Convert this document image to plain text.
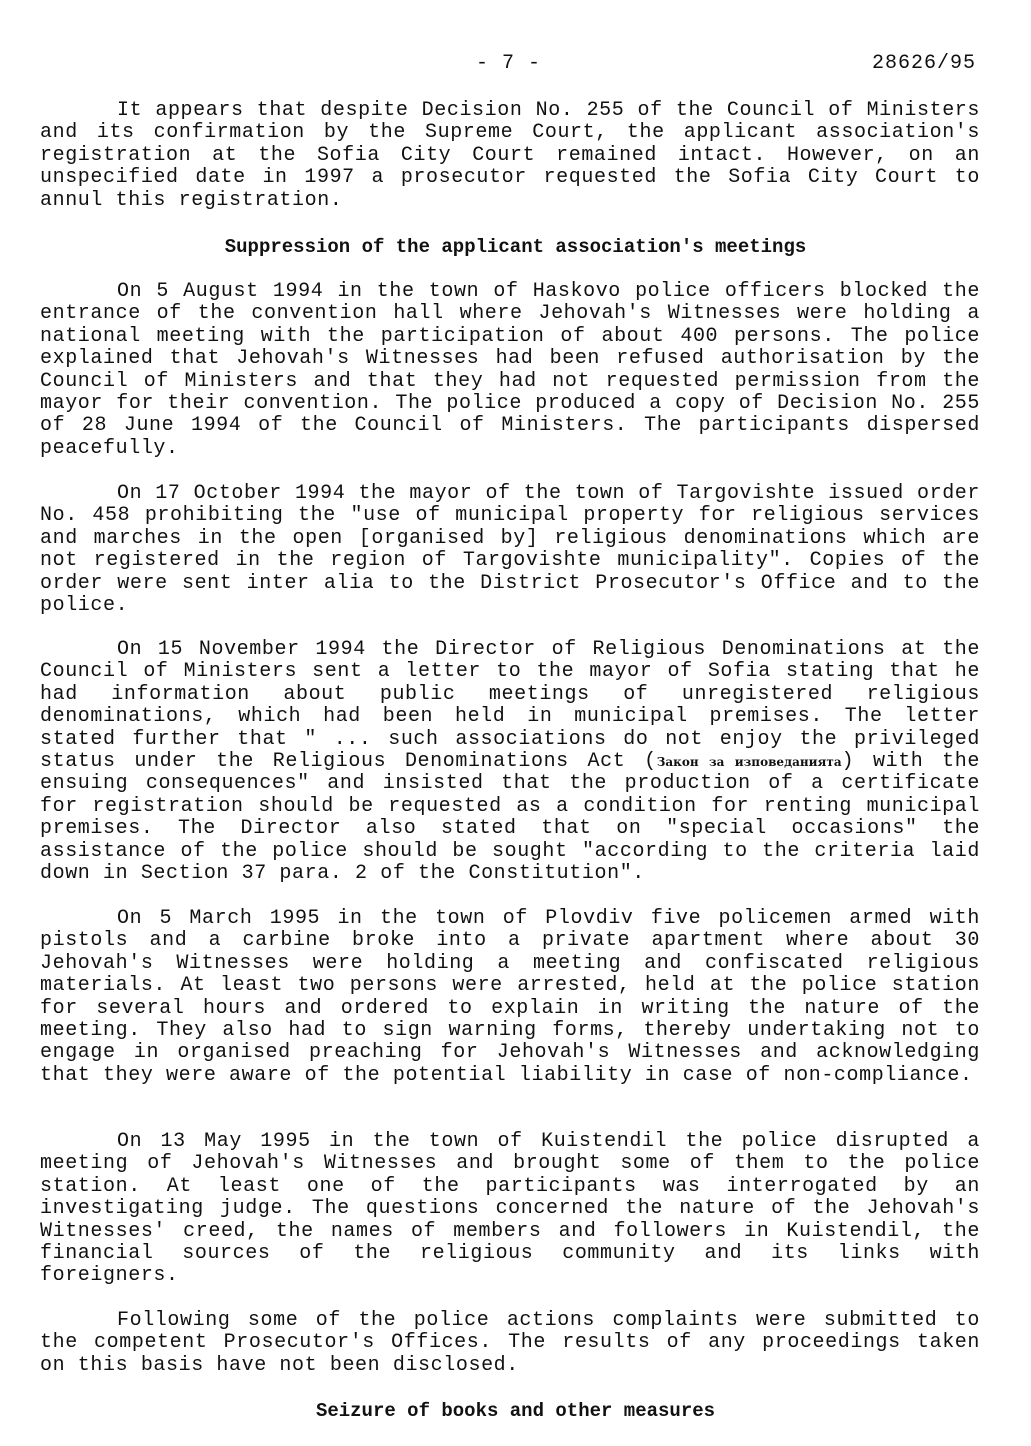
- 7 -	28626/95

It appears that despite Decision No. 255 of the Council of Ministers and its confirmation by the Supreme Court, the applicant association's registration at the Sofia City Court remained intact. However, on an unspecified date in 1997 a prosecutor requested the Sofia City Court to annul this registration.

Suppression of the applicant association's meetings

On 5 August 1994 in the town of Haskovo police officers blocked the entrance of the convention hall where Jehovah's Witnesses were holding a national meeting with the participation of about 400 persons. The police explained that Jehovah's Witnesses had been refused authorisation by the Council of Ministers and that they had not requested permission from the mayor for their convention. The police produced a copy of Decision No. 255 of 28 June 1994 of the Council of Ministers. The participants dispersed peacefully.

On 17 October 1994 the mayor of the town of Targovishte issued order No. 458 prohibiting the "use of municipal property for religious services and marches in the open [organised by] religious denominations which are not registered in the region of Targovishte municipality". Copies of the order were sent inter alia to the District Prosecutor's Office and to the police.

On 15 November 1994 the Director of Religious Denominations at the Council of Ministers sent a letter to the mayor of Sofia stating that he had information about public meetings of unregistered religious denominations, which had been held in municipal premises. The letter stated further that " ... such associations do not enjoy the privileged status under the Religious Denominations Act (Закон за изповеданията) with the ensuing consequences" and insisted that the production of a certificate for registration should be requested as a condition for renting municipal premises. The Director also stated that on "special occasions" the assistance of the police should be sought "according to the criteria laid down in Section 37 para. 2 of the Constitution".

On 5 March 1995 in the town of Plovdiv five policemen armed with pistols and a carbine broke into a private apartment where about 30 Jehovah's Witnesses were holding a meeting and confiscated religious materials. At least two persons were arrested, held at the police station for several hours and ordered to explain in writing the nature of the meeting. They also had to sign warning forms, thereby undertaking not to engage in organised preaching for Jehovah's Witnesses and acknowledging that they were aware of the potential liability in case of non-compliance.

On 13 May 1995 in the town of Kuistendil the police disrupted a meeting of Jehovah's Witnesses and brought some of them to the police station. At least one of the participants was interrogated by an investigating judge. The questions concerned the nature of the Jehovah's Witnesses' creed, the names of members and followers in Kuistendil, the financial sources of the religious community and its links with foreigners.

Following some of the police actions complaints were submitted to the competent Prosecutor's Offices. The results of any proceedings taken on this basis have not been disclosed.

Seizure of books and other measures
